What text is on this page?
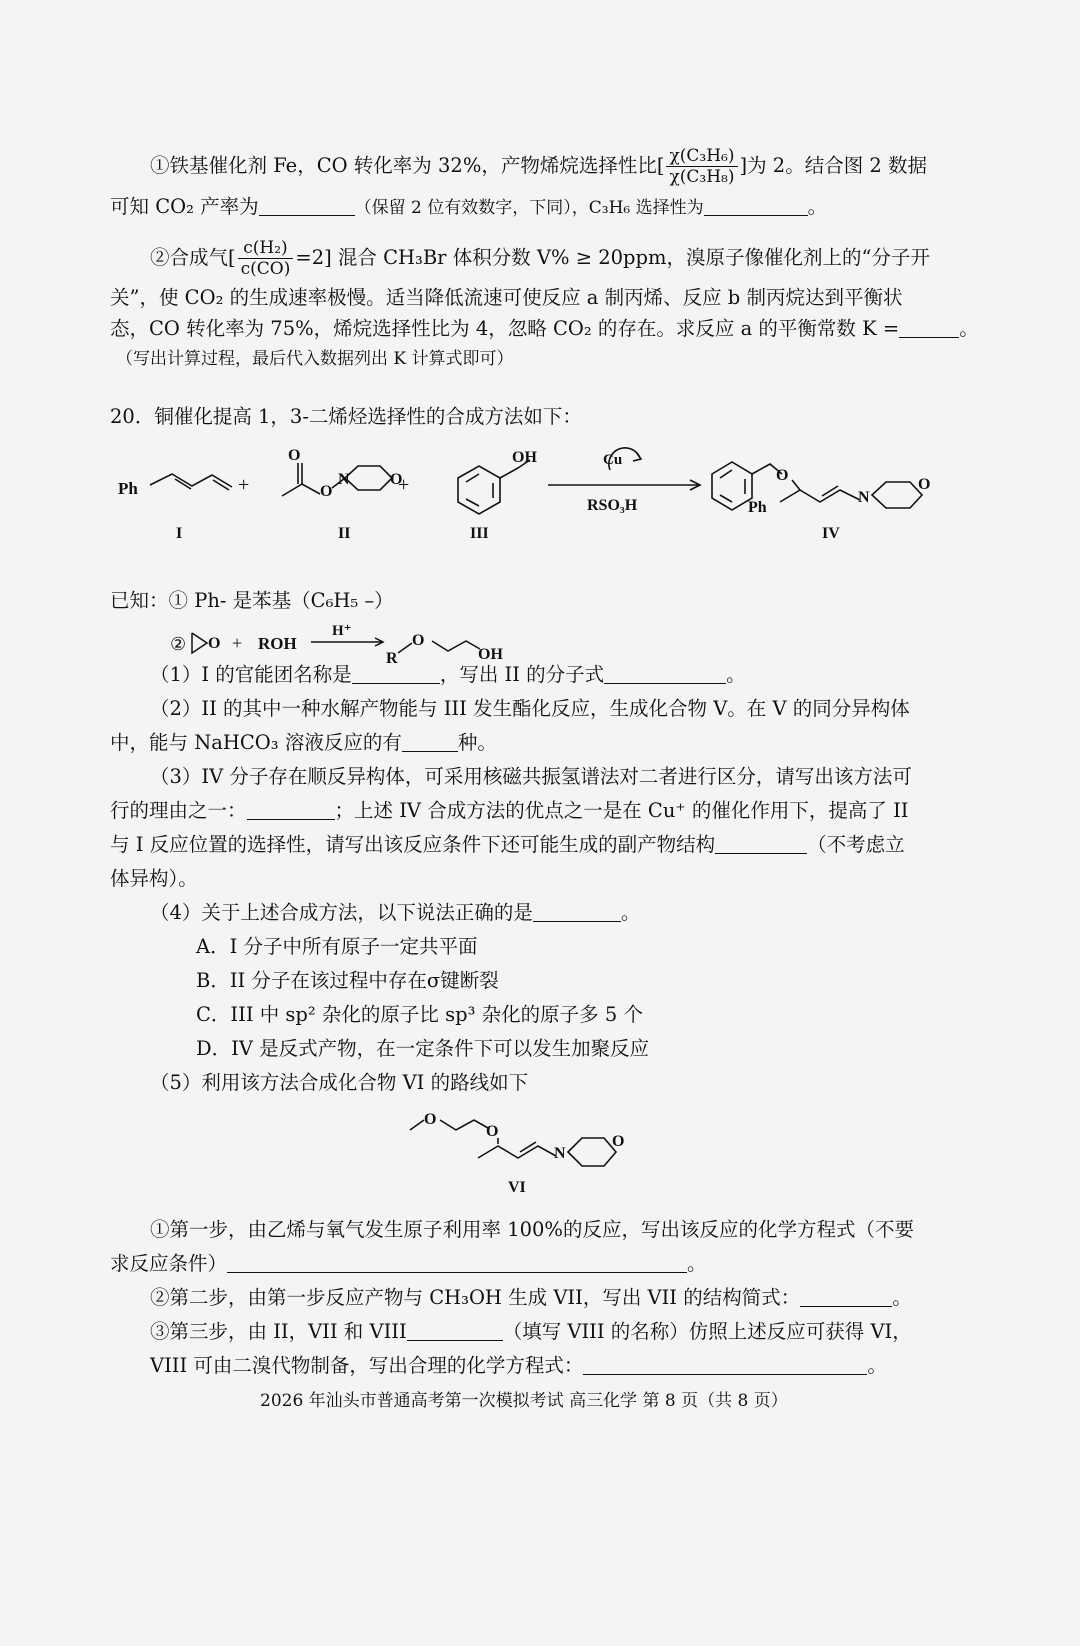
①铁基催化剂 Fe，CO 转化率为 32%，产物烯烷选择性比[ $\frac{\text{χ(C₃H₆)}}{\text{χ(C₃H₈)}}$ ]为 2。结合图 2 数据
可知 CO₂ 产率为	（保留 2 位有效数字，下同），C₃H₆ 选择性为	。
②合成气[ $\frac{\text{c(H₂)}}{c(CO)} =2$] 混合 CH₃Br 体积分数 V% ≥ 20ppm，溴原子像催化剂上的“分子开
关”，使 CO₂ 的生成速率极慢。适当降低流速可使反应 a 制丙烯、反应 b 制丙烷达到平衡状
态，CO 转化率为 75%，烯烷选择性比为 4，忽略 CO₂ 的存在。求反应 a 的平衡常数 K =	。
（写出计算过程，最后代入数据列出 K 计算式即可）
20．铜催化提高 1，3-二烯烃选择性的合成方法如下：
Ph	+
O
O
N	O
+
OH	Cu
RSO₃H
O
Ph
N
O
I	II	III	IV
已知：① Ph- 是苯基（C₆H₅ –）
② O + ROH
H⁺
R
O
OH
（1）I 的官能团名称是	，写出 II 的分子式	。
（2）II 的其中一种水解产物能与 III 发生酯化反应，生成化合物 V。在 V 的同分异构体
中，能与 NaHCO₃ 溶液反应的有	种。
（3）IV 分子存在顺反异构体，可采用核磁共振氢谱法对二者进行区分，请写出该方法可
行的理由之一：	；上述 IV 合成方法的优点之一是在 Cu⁺ 的催化作用下，提高了 II
与 I 反应位置的选择性，请写出该反应条件下还可能生成的副产物结构	（不考虑立
体异构）。
（4）关于上述合成方法，以下说法正确的是	。
A．I 分子中所有原子一定共平面
B．II 分子在该过程中存在σ键断裂
C．III 中 sp² 杂化的原子比 sp³ 杂化的原子多 5 个
D．IV 是反式产物，在一定条件下可以发生加聚反应
（5）利用该方法合成化合物 VI 的路线如下
O
O
N
O
VI
①第一步，由乙烯与氧气发生原子利用率 100%的反应，写出该反应的化学方程式（不要
求反应条件）	。
②第二步，由第一步反应产物与 CH₃OH 生成 VII，写出 VII 的结构简式：	。
③第三步，由 II，VII 和 VIII	（填写 VIII 的名称）仿照上述反应可获得 VI，
VIII 可由二溴代物制备，写出合理的化学方程式：	。
2026 年汕头市普通高考第一次模拟考试 高三化学 第 8 页（共 8 页）
